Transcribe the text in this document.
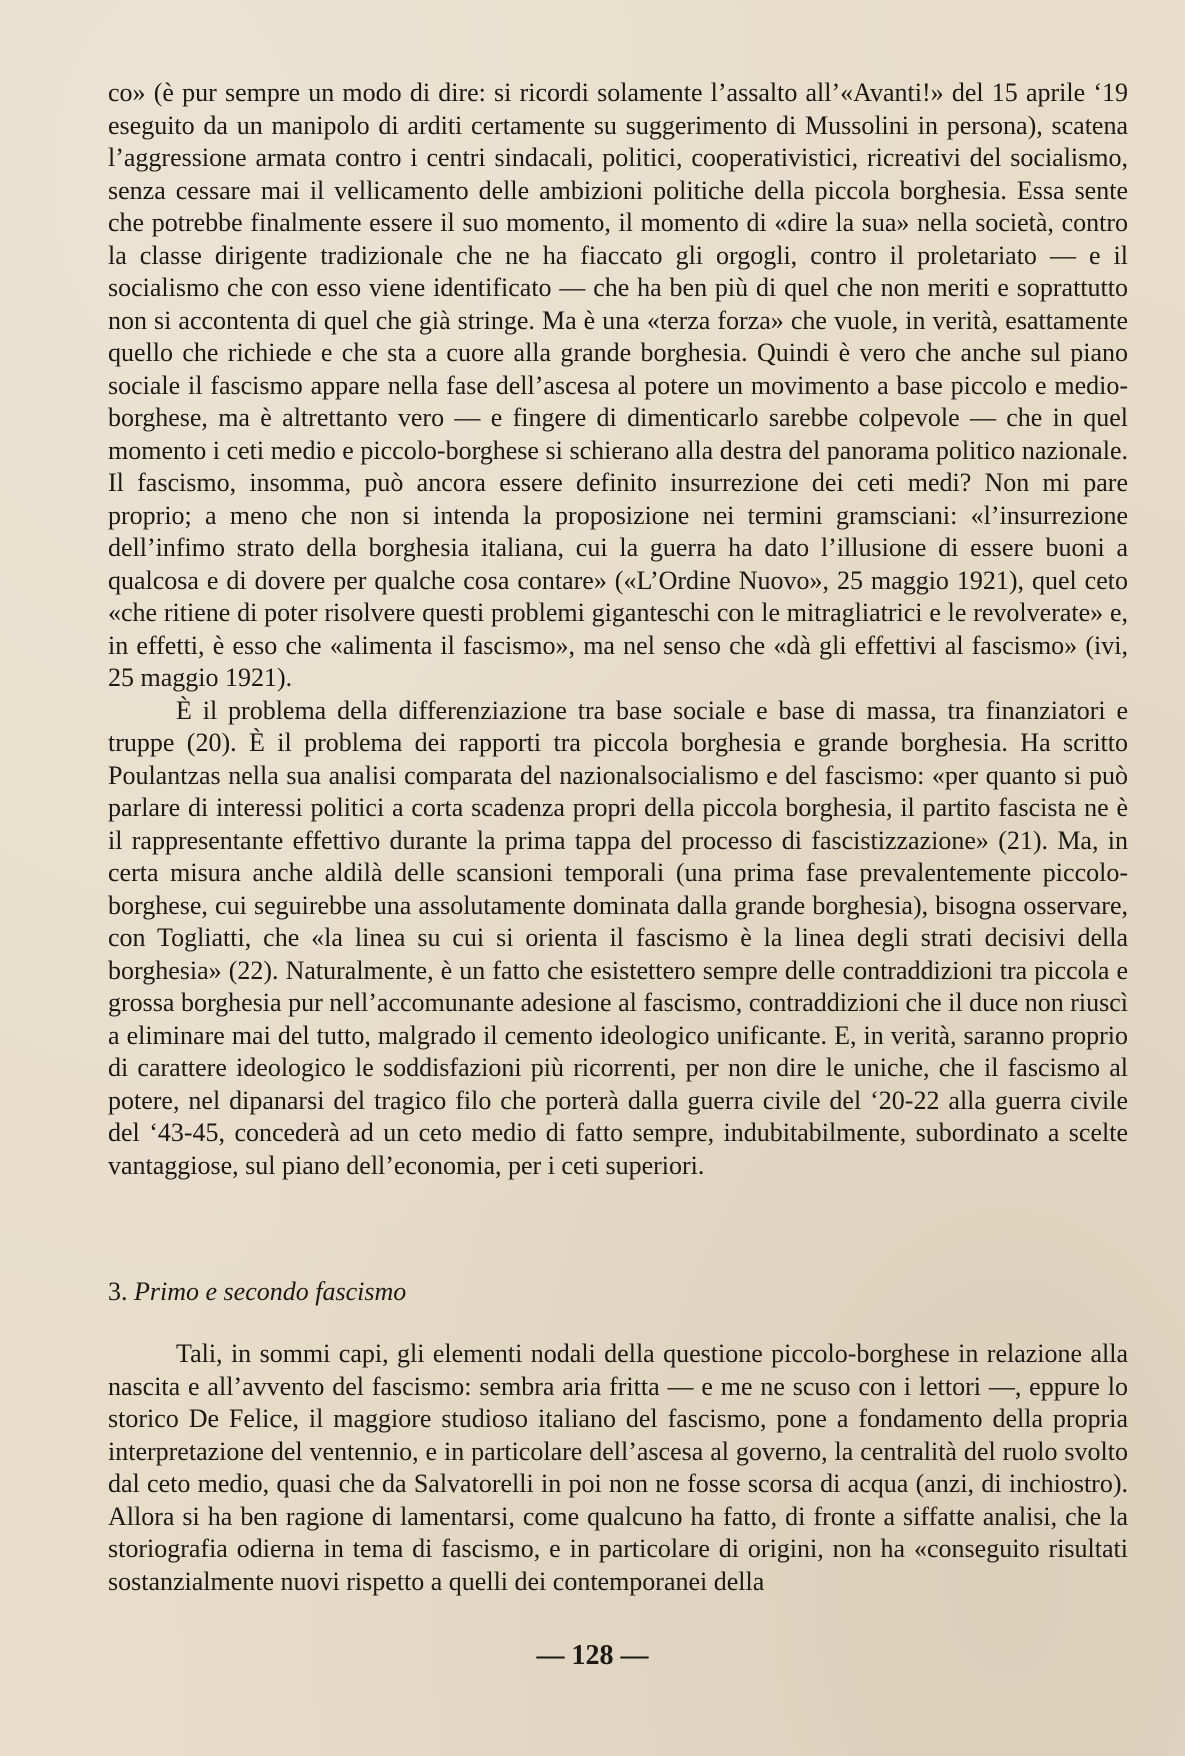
co» (è pur sempre un modo di dire: si ricordi solamente l’assalto all’«Avanti!» del 15 aprile ‘19 eseguito da un manipolo di arditi certamente su suggerimento di Mussolini in persona), scatena l’aggressione armata contro i centri sindacali, politici, cooperativistici, ricreativi del socialismo, senza cessare mai il vellicamento delle ambizioni politiche della piccola borghesia. Essa sente che potrebbe finalmente essere il suo momento, il momento di «dire la sua» nella società, contro la classe dirigente tradizionale che ne ha fiaccato gli orgogli, contro il proletariato — e il socialismo che con esso viene identificato — che ha ben più di quel che non meriti e soprattutto non si accontenta di quel che già stringe. Ma è una «terza forza» che vuole, in verità, esattamente quello che richiede e che sta a cuore alla grande borghesia. Quindi è vero che anche sul piano sociale il fascismo appare nella fase dell’ascesa al potere un movimento a base piccolo e medio-borghese, ma è altrettanto vero — e fingere di dimenticarlo sarebbe colpevole — che in quel momento i ceti medio e piccolo-borghese si schierano alla destra del panorama politico nazionale. Il fascismo, insomma, può ancora essere definito insurrezione dei ceti medi? Non mi pare proprio; a meno che non si intenda la proposizione nei termini gramsciani: «l’insurrezione dell’infimo strato della borghesia italiana, cui la guerra ha dato l’illusione di essere buoni a qualcosa e di dovere per qualche cosa contare» («L’Ordine Nuovo», 25 maggio 1921), quel ceto «che ritiene di poter risolvere questi problemi giganteschi con le mitragliatrici e le revolverate» e, in effetti, è esso che «alimenta il fascismo», ma nel senso che «dà gli effettivi al fascismo» (ivi, 25 maggio 1921).

È il problema della differenziazione tra base sociale e base di massa, tra finanziatori e truppe (20). È il problema dei rapporti tra piccola borghesia e grande borghesia. Ha scritto Poulantzas nella sua analisi comparata del nazionalsocialismo e del fascismo: «per quanto si può parlare di interessi politici a corta scadenza propri della piccola borghesia, il partito fascista ne è il rappresentante effettivo durante la prima tappa del processo di fascistizzazione» (21). Ma, in certa misura anche aldilà delle scansioni temporali (una prima fase prevalentemente piccolo-borghese, cui seguirebbe una assolutamente dominata dalla grande borghesia), bisogna osservare, con Togliatti, che «la linea su cui si orienta il fascismo è la linea degli strati decisivi della borghesia» (22). Naturalmente, è un fatto che esistettero sempre delle contraddizioni tra piccola e grossa borghesia pur nell’accomunante adesione al fascismo, contraddizioni che il duce non riuscì a eliminare mai del tutto, malgrado il cemento ideologico unificante. E, in verità, saranno proprio di carattere ideologico le soddisfazioni più ricorrenti, per non dire le uniche, che il fascismo al potere, nel dipanarsi del tragico filo che porterà dalla guerra civile del ‘20-22 alla guerra civile del ‘43-45, concederà ad un ceto medio di fatto sempre, indubitabilmente, subordinato a scelte vantaggiose, sul piano dell’economia, per i ceti superiori.

3. Primo e secondo fascismo

Tali, in sommi capi, gli elementi nodali della questione piccolo-borghese in relazione alla nascita e all’avvento del fascismo: sembra aria fritta — e me ne scuso con i lettori —, eppure lo storico De Felice, il maggiore studioso italiano del fascismo, pone a fondamento della propria interpretazione del ventennio, e in particolare dell’ascesa al governo, la centralità del ruolo svolto dal ceto medio, quasi che da Salvatorelli in poi non ne fosse scorsa di acqua (anzi, di inchiostro). Allora si ha ben ragione di lamentarsi, come qualcuno ha fatto, di fronte a siffatte analisi, che la storiografia odierna in tema di fascismo, e in particolare di origini, non ha «conseguito risultati sostanzialmente nuovi rispetto a quelli dei contemporanei della

— 128 —
